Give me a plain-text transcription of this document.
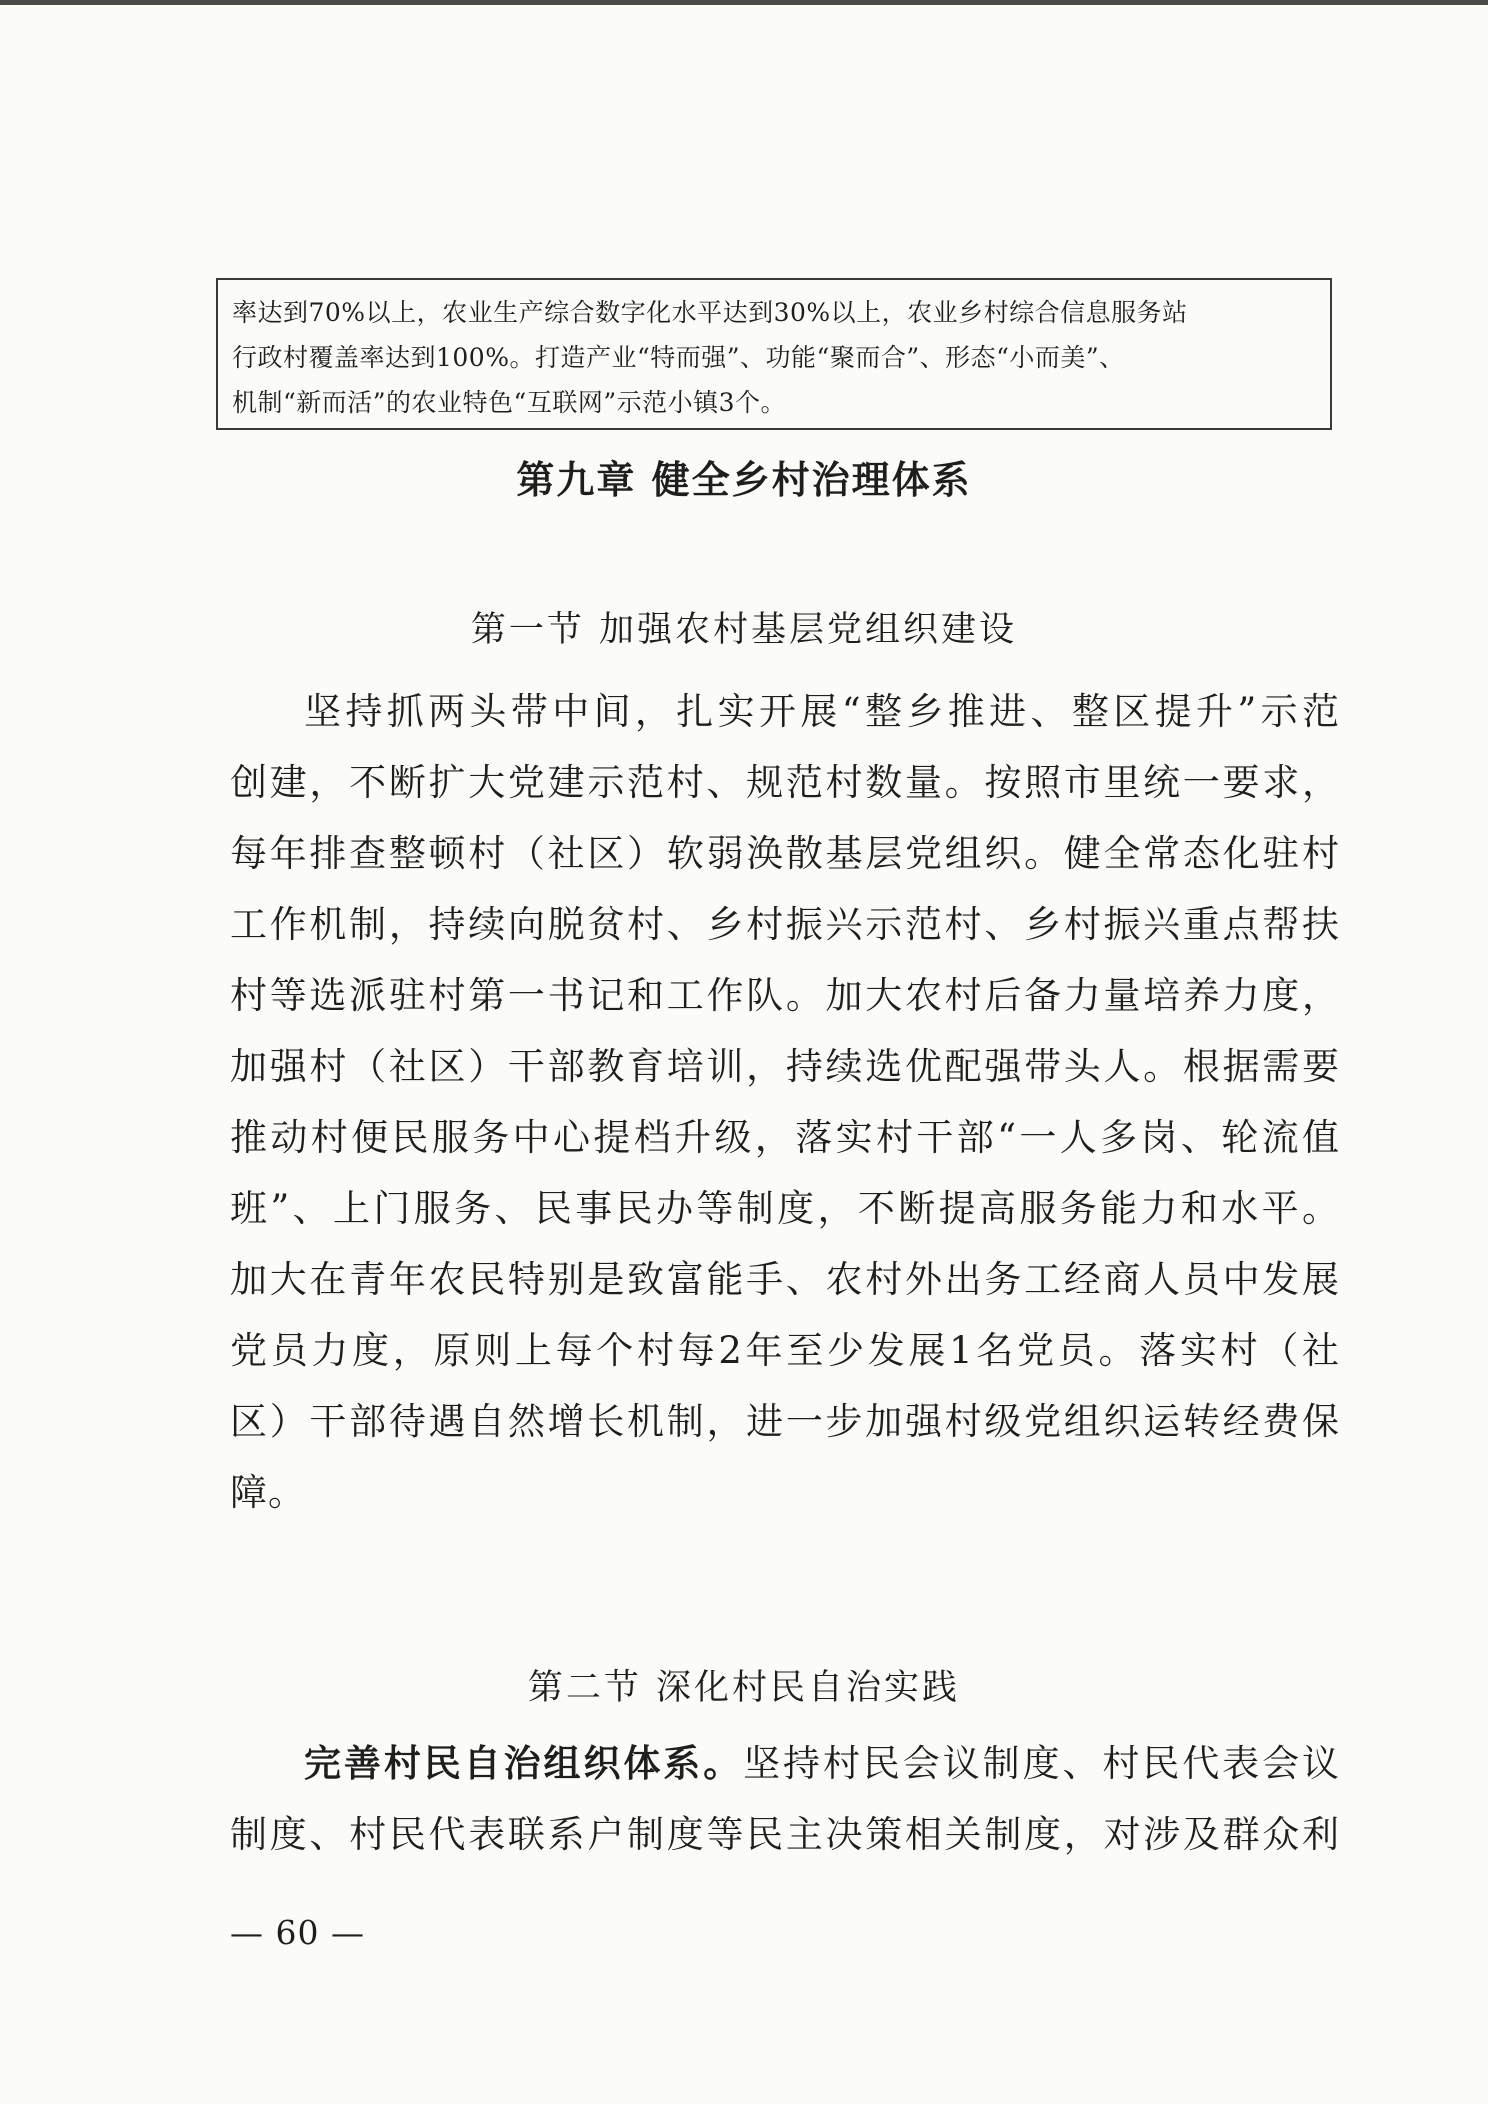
率达到70%以上，农业生产综合数字化水平达到30%以上，农业乡村综合信息服务站
行政村覆盖率达到100%。打造产业“特而强”、功能“聚而合”、形态“小而美”、
机制“新而活”的农业特色“互联网”示范小镇3个。
第九章 健全乡村治理体系
第一节 加强农村基层党组织建设
坚持抓两头带中间，扎实开展“整乡推进、整区提升”示范
创建，不断扩大党建示范村、规范村数量。按照市里统一要求，
每年排查整顿村（社区）软弱涣散基层党组织。健全常态化驻村
工作机制，持续向脱贫村、乡村振兴示范村、乡村振兴重点帮扶
村等选派驻村第一书记和工作队。加大农村后备力量培养力度，
加强村（社区）干部教育培训，持续选优配强带头人。根据需要
推动村便民服务中心提档升级，落实村干部“一人多岗、轮流值
班”、上门服务、民事民办等制度，不断提高服务能力和水平。
加大在青年农民特别是致富能手、农村外出务工经商人员中发展
党员力度，原则上每个村每2年至少发展1名党员。落实村（社
区）干部待遇自然增长机制，进一步加强村级党组织运转经费保
障。
第二节 深化村民自治实践
完善村民自治组织体系。坚持村民会议制度、村民代表会议
制度、村民代表联系户制度等民主决策相关制度，对涉及群众利
— 60 —
